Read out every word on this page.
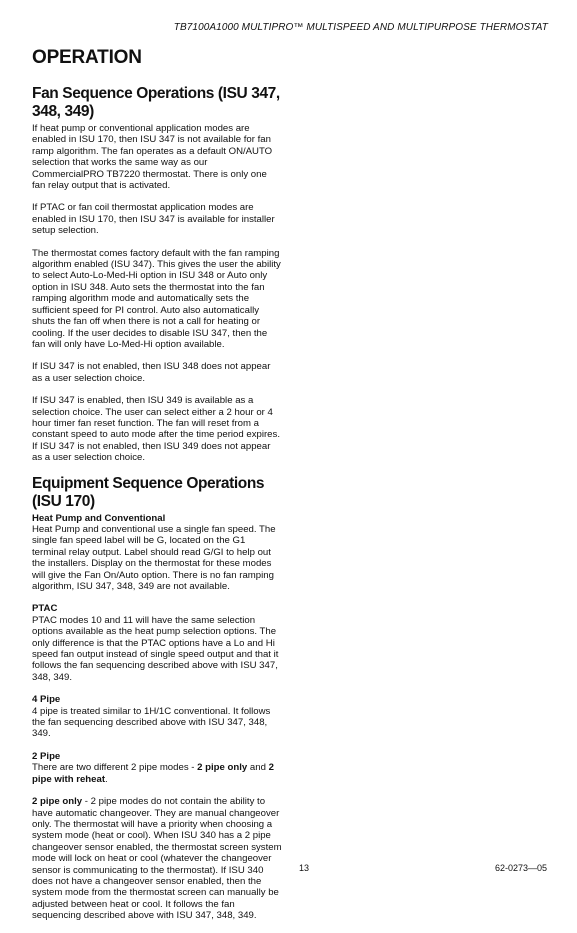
TB7100A1000 MULTIPRO™ MULTISPEED AND MULTIPURPOSE THERMOSTAT
OPERATION
Fan Sequence Operations (ISU 347, 348, 349)

If heat pump or conventional application modes are enabled in ISU 170, then ISU 347 is not available for fan ramp algorithm. The fan operates as a default ON/AUTO selection that works the same way as our CommercialPRO TB7220 thermostat. There is only one fan relay output that is activated.

If PTAC or fan coil thermostat application modes are enabled in ISU 170, then ISU 347 is available for installer setup selection.

The thermostat comes factory default with the fan ramping algorithm enabled (ISU 347). This gives the user the ability to select Auto-Lo-Med-Hi option in ISU 348 or Auto only option in ISU 348. Auto sets the thermostat into the fan ramping algorithm mode and automatically sets the sufficient speed for PI control. Auto also automatically shuts the fan off when there is not a call for heating or cooling. If the user decides to disable ISU 347, then the fan will only have Lo-Med-Hi option available.

If ISU 347 is not enabled, then ISU 348 does not appear as a user selection choice.

If ISU 347 is enabled, then ISU 349 is available as a selection choice. The user can select either a 2 hour or 4 hour timer fan reset function. The fan will reset from a constant speed to auto mode after the time period expires. If ISU 347 is not enabled, then ISU 349 does not appear as a user selection choice.

Equipment Sequence Operations (ISU 170)
Heat Pump and Conventional

Heat Pump and conventional use a single fan speed. The single fan speed label will be G, located on the G1 terminal relay output. Label should read G/GI to help out the installers. Display on the thermostat for these modes will give the Fan On/Auto option. There is no fan ramping algorithm, ISU 347, 348, 349 are not available.

PTAC

PTAC modes 10 and 11 will have the same selection options available as the heat pump selection options. The only difference is that the PTAC options have a Lo and Hi speed fan output instead of single speed output and that it follows the fan sequencing described above with ISU 347, 348, 349.

4 Pipe

4 pipe is treated similar to 1H/1C conventional. It follows the fan sequencing described above with ISU 347, 348, 349.

2 Pipe

There are two different 2 pipe modes - 2 pipe only and 2 pipe with reheat.

2 pipe only - 2 pipe modes do not contain the ability to have automatic changeover. They are manual changeover only. The thermostat will have a priority when choosing a system mode (heat or cool). When ISU 340 has a 2 pipe changeover sensor enabled, the thermostat screen system mode will lock on heat or cool (whatever the changeover sensor is communicating to the thermostat). If ISU 340 does not have a changeover sensor enabled, then the system mode from the thermostat screen can manually be adjusted between heat or cool. It follows the fan sequencing described above with ISU 347, 348, 349.

13	62-0273—05
